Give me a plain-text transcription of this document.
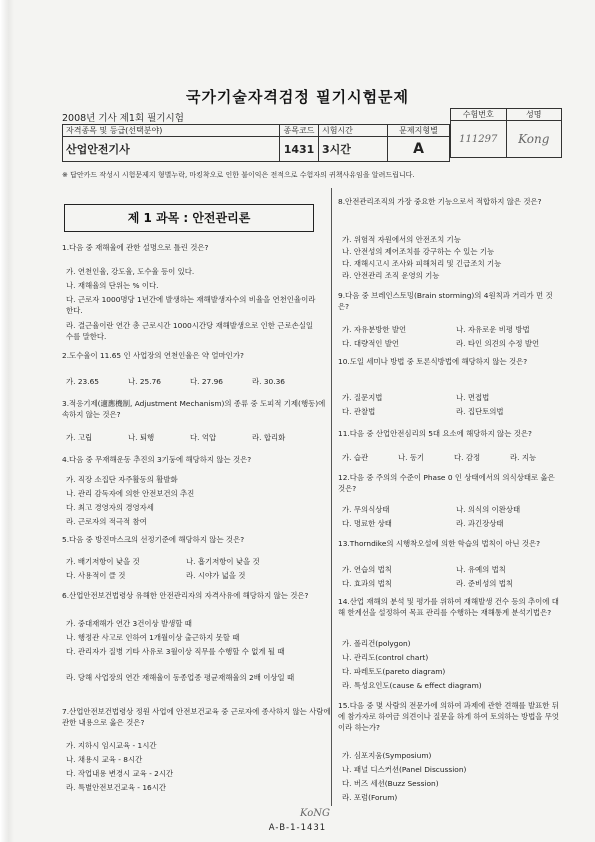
국가기술자격검정 필기시험문제
2008년 기사 제1회 필기시험	수험번호	성명
111297	Kong
자격종목 및 등급(선택분야)	종목코드	시험시간	문제지형별
산업안전기사	1431	3시간	A
※ 답안카드 작성시 시험문제지 형별누락, 마킹착오로 인한 불이익은 전적으로 수험자의 귀책사유임을 알려드립니다.
제 1 과목 : 안전관리론
1.다음 중 재해율에 관한 설명으로 틀린 것은?
가. 연천인율, 강도율, 도수율 등이 있다.
나. 재해율의 단위는 % 이다.
다. 근로자 1000명당 1년간에 발생하는 재해발생자수의 비율을 연천인율이라 한다.
라. 결근율이란 연간 총 근로시간 1000시간당 재해발생으로 인한 근로손실일수를 말한다.
2.도수율이 11.65 인 사업장의 연천인율은 약 얼마인가?
가. 23.65	나. 25.76	다. 27.96	라. 30.36
3.적응기제(適應機制, Adjustment Mechanism)의 종류 중 도피적 기제(행동)에 속하지 않는 것은?
가. 고립	나. 퇴행	다. 억압	라. 합리화
4.다음 중 무재해운동 추진의 3기둥에 해당하지 않는 것은?
가. 직장 소집단 자주활동의 활발화
나. 관리 감독자에 의한 안전보건의 추진
다. 최고 경영자의 경영자세
라. 근로자의 적극적 참여
5.다음 중 방진마스크의 선정기준에 해당하지 않는 것은?
가. 배기저항이 낮을 것	나. 흡기저항이 낮을 것
다. 사용적이 클 것	라. 시야가 넓을 것
6.산업안전보건법령상 유해한 안전관리자의 자격사유에 해당하지 않는 것은?
가. 중대재해가 연간 3건이상 발생할 때
나. 행정관 사고로 인하여 1개월이상 출근하지 못할 때
다. 관리자가 질병 기타 사유로 3월이상 직무를 수행할 수 없게 될 때
라. 당해 사업장의 연간 재해율이 동종업종 평균재해율의 2배 이상일 때
7.산업안전보건법령상 정원 사업에 안전보건교육 중 근로자에 종사하지 않는 사람에 관한 내용으로 옳은 것은?
가. 지하시 임시교육 - 1시간
나. 채용시 교육 - 8시간
다. 작업내용 변경시 교육 - 2시간
라. 특별안전보건교육 - 16시간
8.안전관리조직의 가장 중요한 기능으로서 적합하지 않은 것은?
가. 위험적 자원에서의 안전조치 기능
나. 안전성의 제어조치를 강구하는 수 있는 기능
다. 재해시고시 조사와 피해처리 및 긴급조치 기능
라. 안전관리 조직 운영의 기능
9.다음 중 브레인스토밍(Brain storming)의 4원칙과 거리가 먼 것은?
가. 자유분방한 발언	나. 자유로운 비평 방법
다. 대량적인 발언	라. 타인 의견의 수정 발언
10.도일 세미나 방법 중 토론식방법에 해당하지 않는 것은?
가. 질문지법	나. 면접법
다. 관찰법	라. 집단토의법
11.다음 중 산업안전심리의 5대 요소에 해당하지 않는 것은?
가. 습관	나. 동기	다. 감정	라. 지능
12.다음 중 주의의 수준이 Phase 0 인 상태에서의 의식상태로 옳은 것은?
가. 무의식상태	나. 의식의 이완상태
다. 명료한 상태	라. 과긴장상태
13.Thorndike의 시행착오설에 의한 학습의 법칙이 아닌 것은?
가. 연습의 법칙	나. 유예의 법칙
다. 효과의 법칙	라. 준비성의 법칙
14.산업 재해의 분석 및 평가를 위하여 재해발생 건수 등의 추이에 대해 한계선을 설정하여 목표 관리를 수행하는 재해통계 분석기법은?
가. 폴리건(polygon)
나. 관리도(control chart)
다. 파레토도(pareto diagram)
라. 특성요인도(cause & effect diagram)
15.다음 중 몇 사람의 전문가에 의하여 과제에 관한 견해를 발표한 뒤에 참가자로 하여금 의견이나 질문을 하게 하여 토의하는 방법을 무엇이라 하는가?
가. 심포지움(Symposium)
나. 패널 디스커션(Panel Discussion)
다. 버즈 세션(Buzz Session)
라. 포럼(Forum)
KoNG
A-B-1-1431
